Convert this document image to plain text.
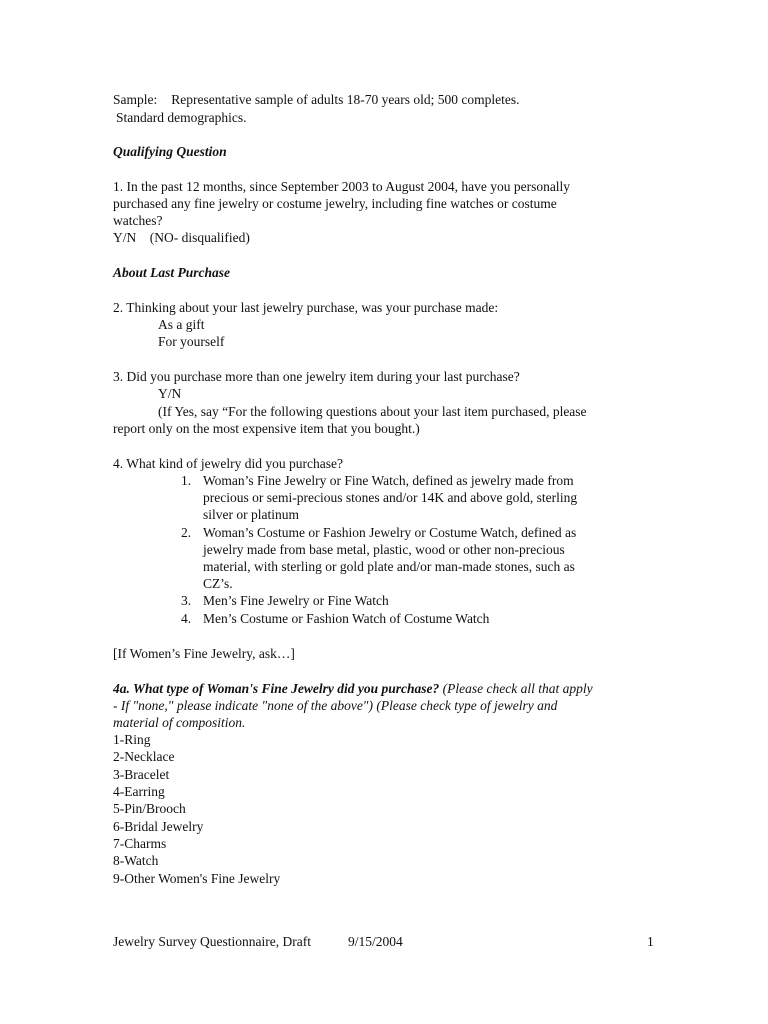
Sample: Representative sample of adults 18-70 years old; 500 completes.
Standard demographics.
Qualifying Question
1. In the past 12 months, since September 2003 to August 2004, have you personally
purchased any fine jewelry or costume jewelry, including fine watches or costume
watches?
Y/N    (NO- disqualified)
About Last Purchase
2. Thinking about your last jewelry purchase, was your purchase made:
As a gift
For yourself
3. Did you purchase more than one jewelry item during your last purchase?
Y/N
(If Yes, say “For the following questions about your last item purchased, please
report only on the most expensive item that you bought.)
4. What kind of jewelry did you purchase?
1. Woman’s Fine Jewelry or Fine Watch, defined as jewelry made from
precious or semi-precious stones and/or 14K and above gold, sterling
silver or platinum
2. Woman’s Costume or Fashion Jewelry or Costume Watch, defined as
jewelry made from base metal, plastic, wood or other non-precious
material, with sterling or gold plate and/or man-made stones, such as
CZ’s.
3. Men’s Fine Jewelry or Fine Watch
4. Men’s Costume or Fashion Watch of Costume Watch
[If Women’s Fine Jewelry, ask…]
4a. What type of Woman's Fine Jewelry did you purchase? (Please check all that apply
- If "none," please indicate "none of the above") (Please check type of jewelry and
material of composition.
1-Ring
2-Necklace
3-Bracelet
4-Earring
5-Pin/Brooch
6-Bridal Jewelry
7-Charms
8-Watch
9-Other Women's Fine Jewelry
Jewelry Survey Questionnaire, Draft	9/15/2004	1
